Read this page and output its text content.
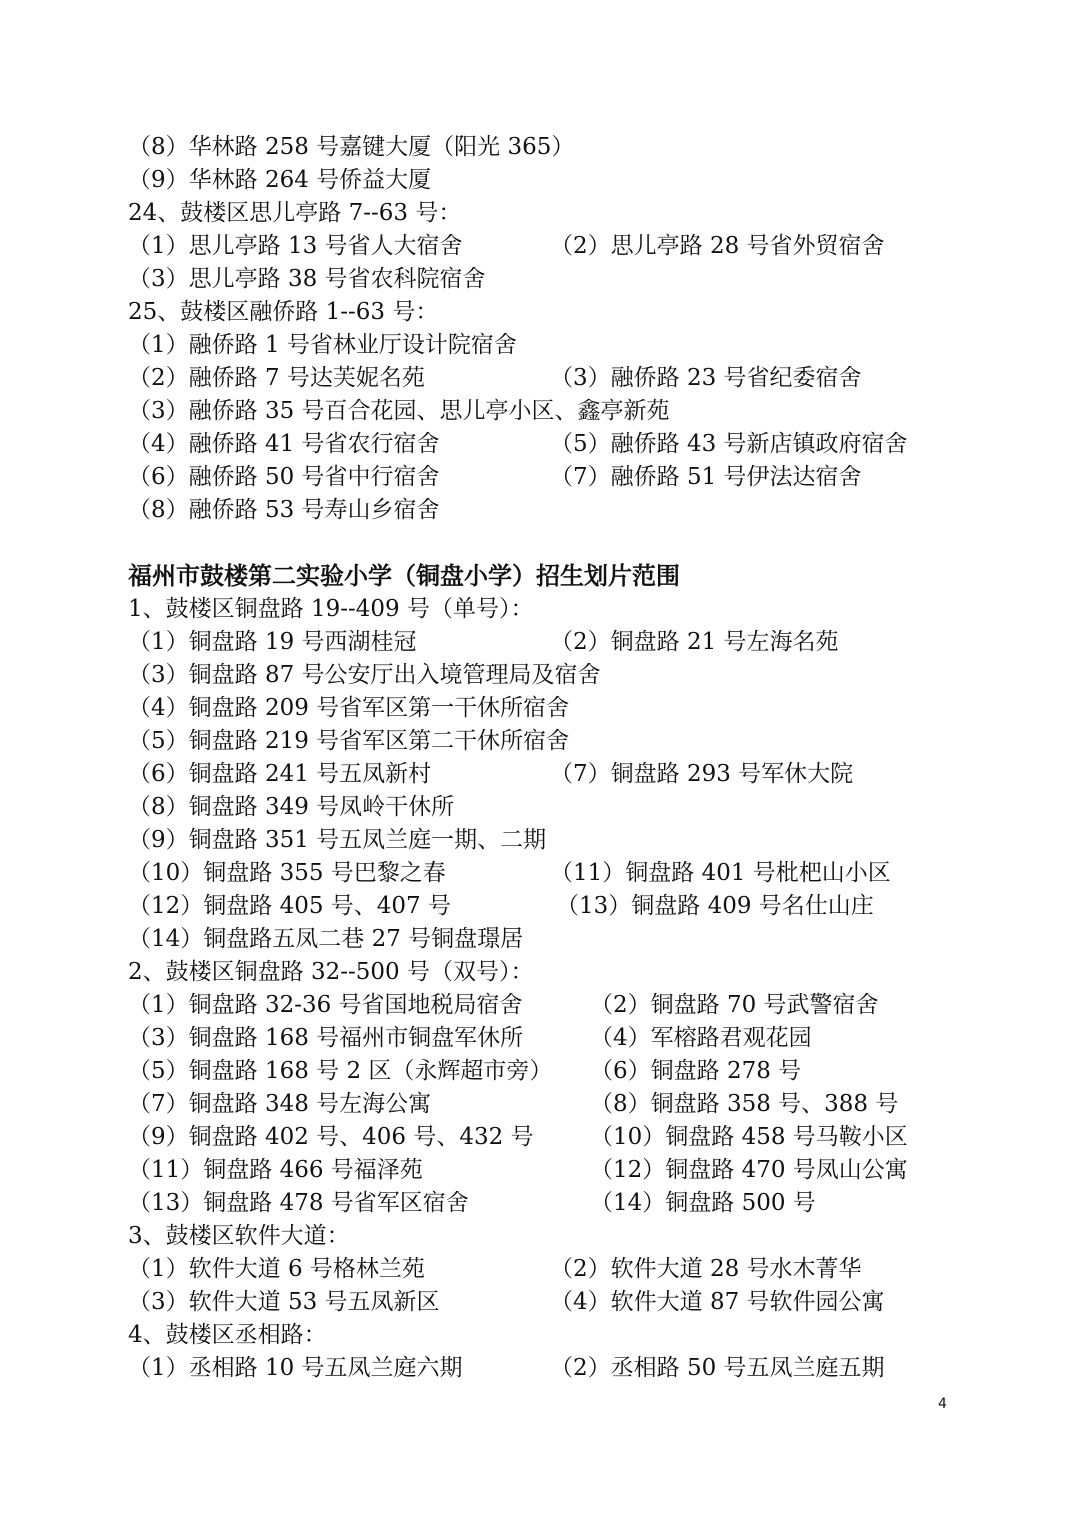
（8）华林路 258 号嘉键大厦（阳光 365）
（9）华林路 264 号侨益大厦
24、鼓楼区思儿亭路 7--63 号：
（1）思儿亭路 13 号省人大宿舍	（2）思儿亭路 28 号省外贸宿舍
（3）思儿亭路 38 号省农科院宿舍
25、鼓楼区融侨路 1--63 号：
（1）融侨路 1 号省林业厅设计院宿舍
（2）融侨路 7 号达芙妮名苑	（3）融侨路 23 号省纪委宿舍
（3）融侨路 35 号百合花园、思儿亭小区、鑫亭新苑
（4）融侨路 41 号省农行宿舍	（5）融侨路 43 号新店镇政府宿舍
（6）融侨路 50 号省中行宿舍	（7）融侨路 51 号伊法达宿舍
（8）融侨路 53 号寿山乡宿舍
福州市鼓楼第二实验小学（铜盘小学）招生划片范围
1、鼓楼区铜盘路 19--409 号（单号）：
（1）铜盘路 19 号西湖桂冠	（2）铜盘路 21 号左海名苑
（3）铜盘路 87 号公安厅出入境管理局及宿舍
（4）铜盘路 209 号省军区第一干休所宿舍
（5）铜盘路 219 号省军区第二干休所宿舍
（6）铜盘路 241 号五凤新村	（7）铜盘路 293 号军休大院
（8）铜盘路 349 号凤岭干休所
（9）铜盘路 351 号五凤兰庭一期、二期
（10）铜盘路 355 号巴黎之春	（11）铜盘路 401 号枇杷山小区
（12）铜盘路 405 号、407 号	（13）铜盘路 409 号名仕山庄
（14）铜盘路五凤二巷 27 号铜盘璟居
2、鼓楼区铜盘路 32--500 号（双号）：
（1）铜盘路 32-36 号省国地税局宿舍	（2）铜盘路 70 号武警宿舍
（3）铜盘路 168 号福州市铜盘军休所	（4）军榕路君观花园
（5）铜盘路 168 号 2 区（永辉超市旁） （6）铜盘路 278 号
（7）铜盘路 348 号左海公寓	（8）铜盘路 358 号、388 号
（9）铜盘路 402 号、406 号、432 号 （10）铜盘路 458 号马鞍小区
（11）铜盘路 466 号福泽苑	（12）铜盘路 470 号凤山公寓
（13）铜盘路 478 号省军区宿舍	（14）铜盘路 500 号
3、鼓楼区软件大道：
（1）软件大道 6 号格林兰苑	（2）软件大道 28 号水木菁华
（3）软件大道 53 号五凤新区	（4）软件大道 87 号软件园公寓
4、鼓楼区丞相路：
（1）丞相路 10 号五凤兰庭六期	（2）丞相路 50 号五凤兰庭五期
4
